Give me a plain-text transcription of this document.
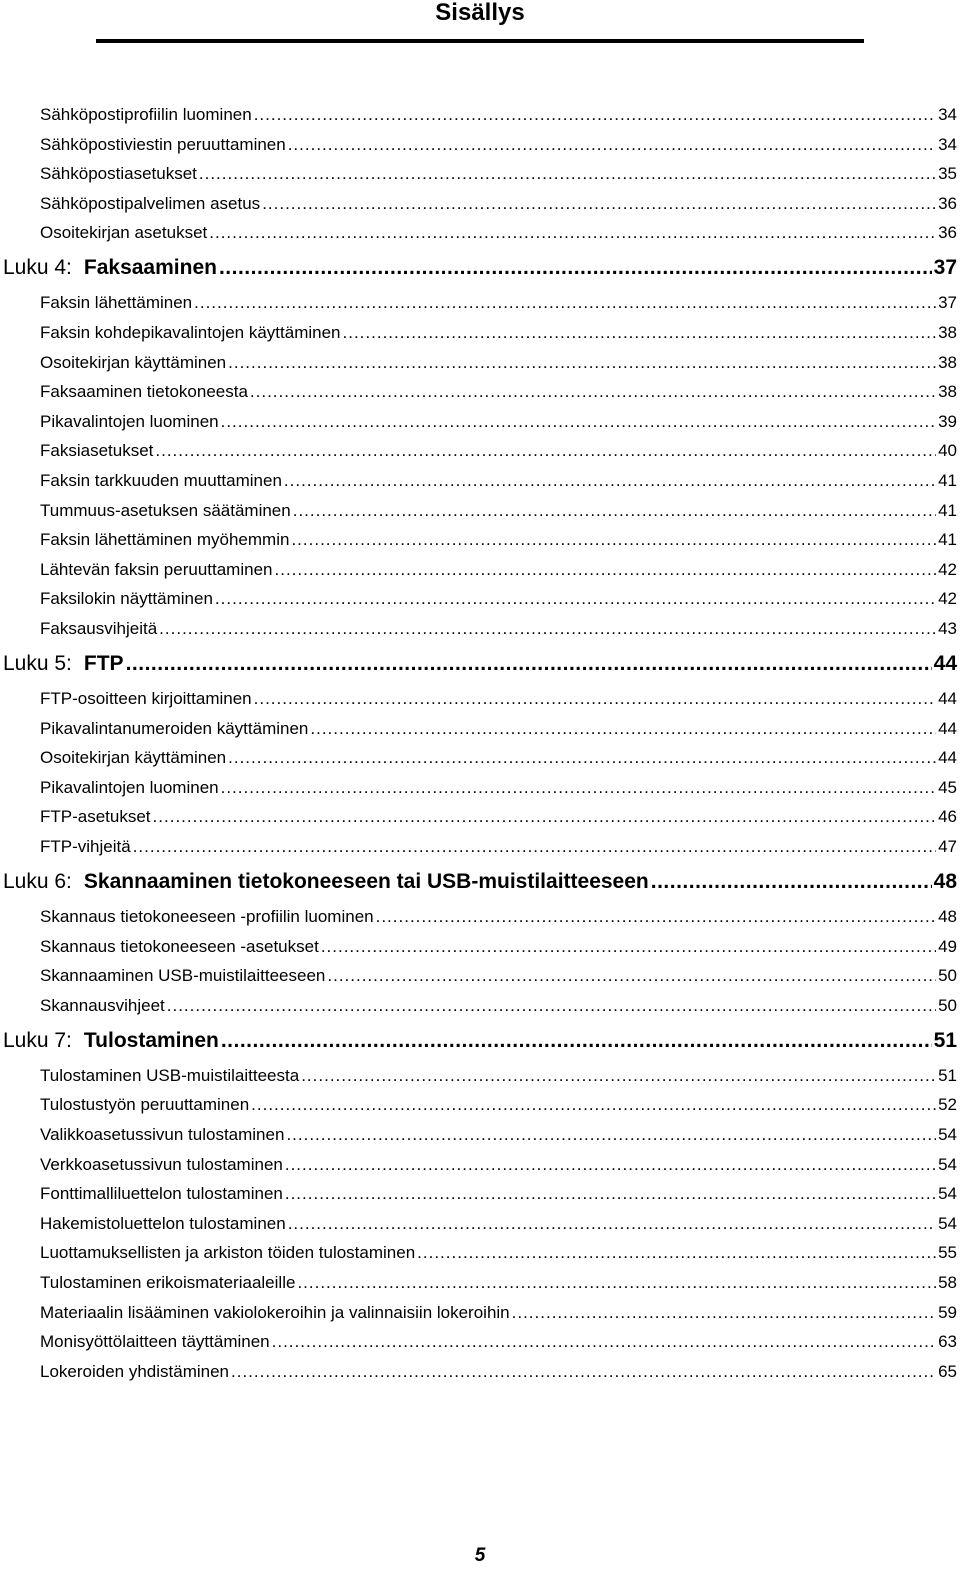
Sisällys
Sähköpostiprofiilin luominen .....	34
Sähköpostiviestin peruuttaminen .....	34
Sähköpostiasetukset .....	35
Sähköpostipalvelimen asetus .....	36
Osoitekirjan asetukset .....	36
Luku 4: Faksaaminen .....	37
Faksin lähettäminen .....	37
Faksin kohdepikavalintojen käyttäminen .....	38
Osoitekirjan käyttäminen .....	38
Faksaaminen tietokoneesta .....	38
Pikavalintojen luominen .....	39
Faksiasetukset .....	40
Faksin tarkkuuden muuttaminen .....	41
Tummuus-asetuksen säätäminen .....	41
Faksin lähettäminen myöhemmin .....	41
Lähtevän faksin peruuttaminen .....	42
Faksilokin näyttäminen .....	42
Faksausvihjeitä .....	43
Luku 5: FTP .....	44
FTP-osoitteen kirjoittaminen .....	44
Pikavalintanumeroiden käyttäminen .....	44
Osoitekirjan käyttäminen .....	44
Pikavalintojen luominen .....	45
FTP-asetukset .....	46
FTP-vihjeitä .....	47
Luku 6: Skannaaminen tietokoneeseen tai USB-muistilaitteeseen .....	48
Skannaus tietokoneeseen -profiilin luominen .....	48
Skannaus tietokoneeseen -asetukset .....	49
Skannaaminen USB-muistilaitteeseen .....	50
Skannausvihjeet .....	50
Luku 7: Tulostaminen .....	51
Tulostaminen USB-muistilaitteesta .....	51
Tulostustyön peruuttaminen .....	52
Valikkoasetussivun tulostaminen .....	54
Verkkoasetussivun tulostaminen .....	54
Fonttimalliluettelon tulostaminen .....	54
Hakemistoluettelon tulostaminen .....	54
Luottamuksellisten ja arkiston töiden tulostaminen .....	55
Tulostaminen erikoismateriaaleille .....	58
Materiaalin lisääminen vakiolokeroihin ja valinnaisiin lokeroihin .....	59
Monisyöttölaitteen täyttäminen .....	63
Lokeroiden yhdistäminen .....	65
5
